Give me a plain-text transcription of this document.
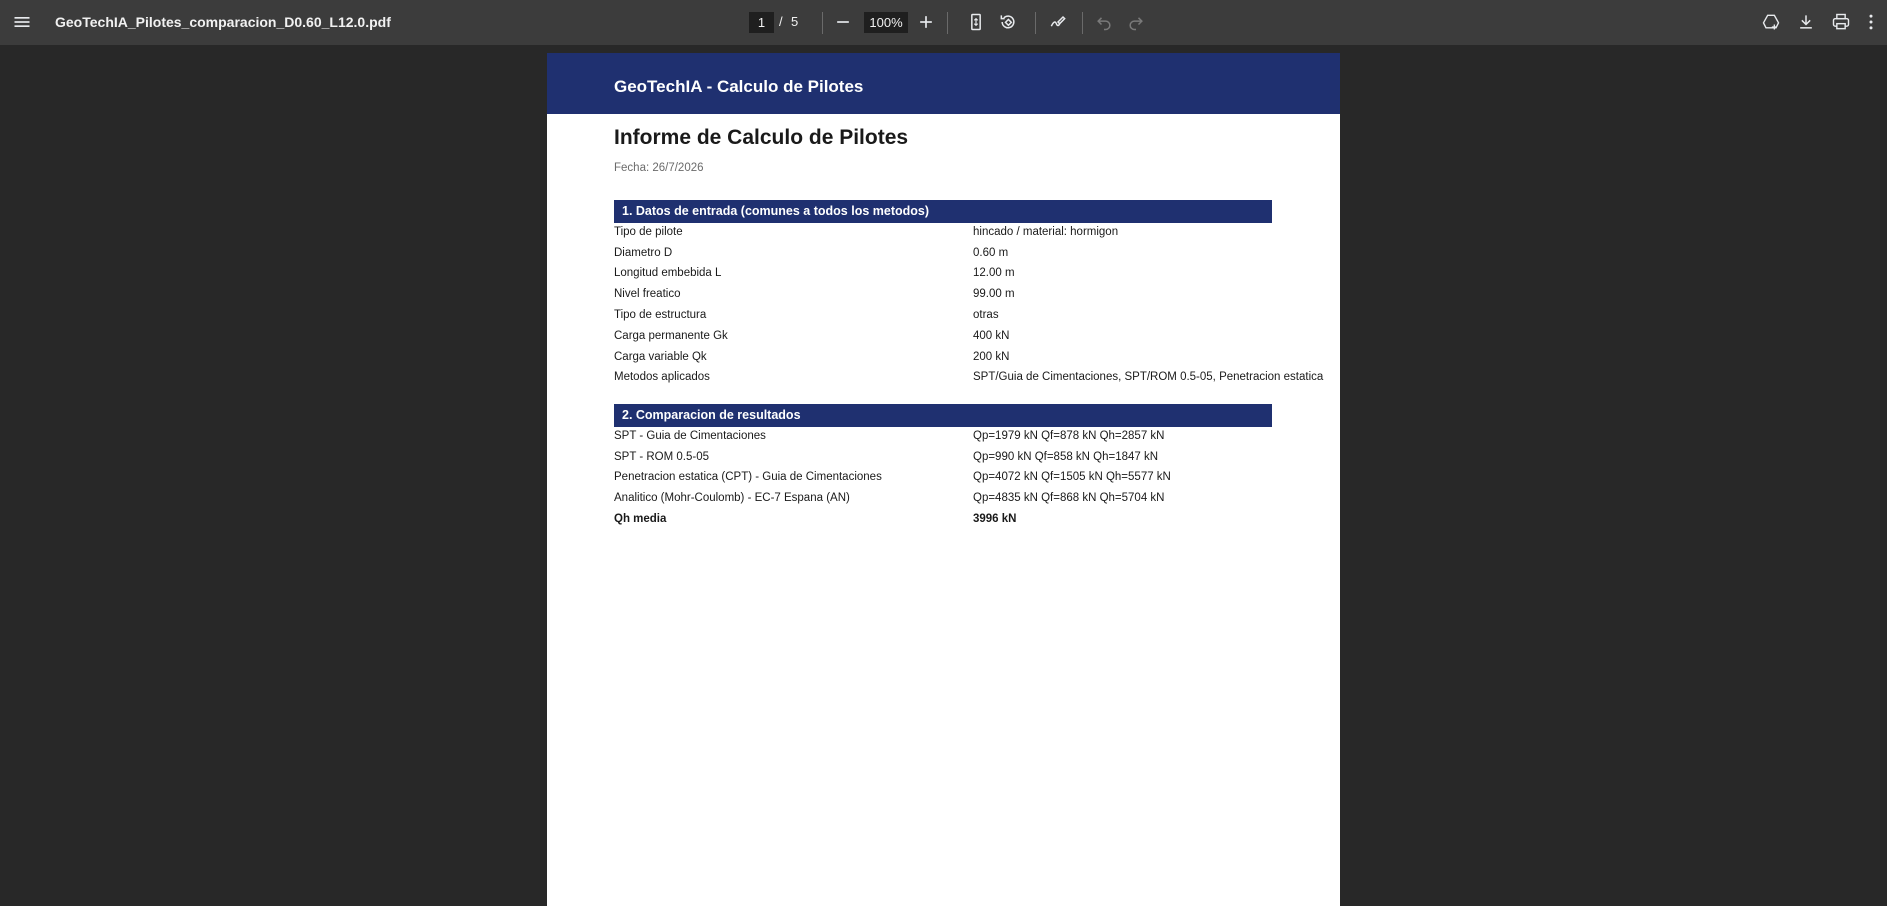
GeoTechIA_Pilotes_comparacion_D0.60_L12.0.pdf
1	/ 5
100%
GeoTechIA - Calculo de Pilotes
Informe de Calculo de Pilotes
Fecha: 26/7/2026
1. Datos de entrada (comunes a todos los metodos)
Tipo de pilote	hincado / material: hormigon
Diametro D	0.60 m
Longitud embebida L	12.00 m
Nivel freatico	99.00 m
Tipo de estructura	otras
Carga permanente Gk	400 kN
Carga variable Qk	200 kN
Metodos aplicados	SPT/Guia de Cimentaciones, SPT/ROM 0.5-05, Penetracion estatica
2. Comparacion de resultados
SPT - Guia de Cimentaciones	Qp=1979 kN Qf=878 kN Qh=2857 kN
SPT - ROM 0.5-05	Qp=990 kN Qf=858 kN Qh=1847 kN
Penetracion estatica (CPT) - Guia de Cimentaciones	Qp=4072 kN Qf=1505 kN Qh=5577 kN
Analitico (Mohr-Coulomb) - EC-7 Espana (AN)	Qp=4835 kN Qf=868 kN Qh=5704 kN
Qh media	3996 kN
